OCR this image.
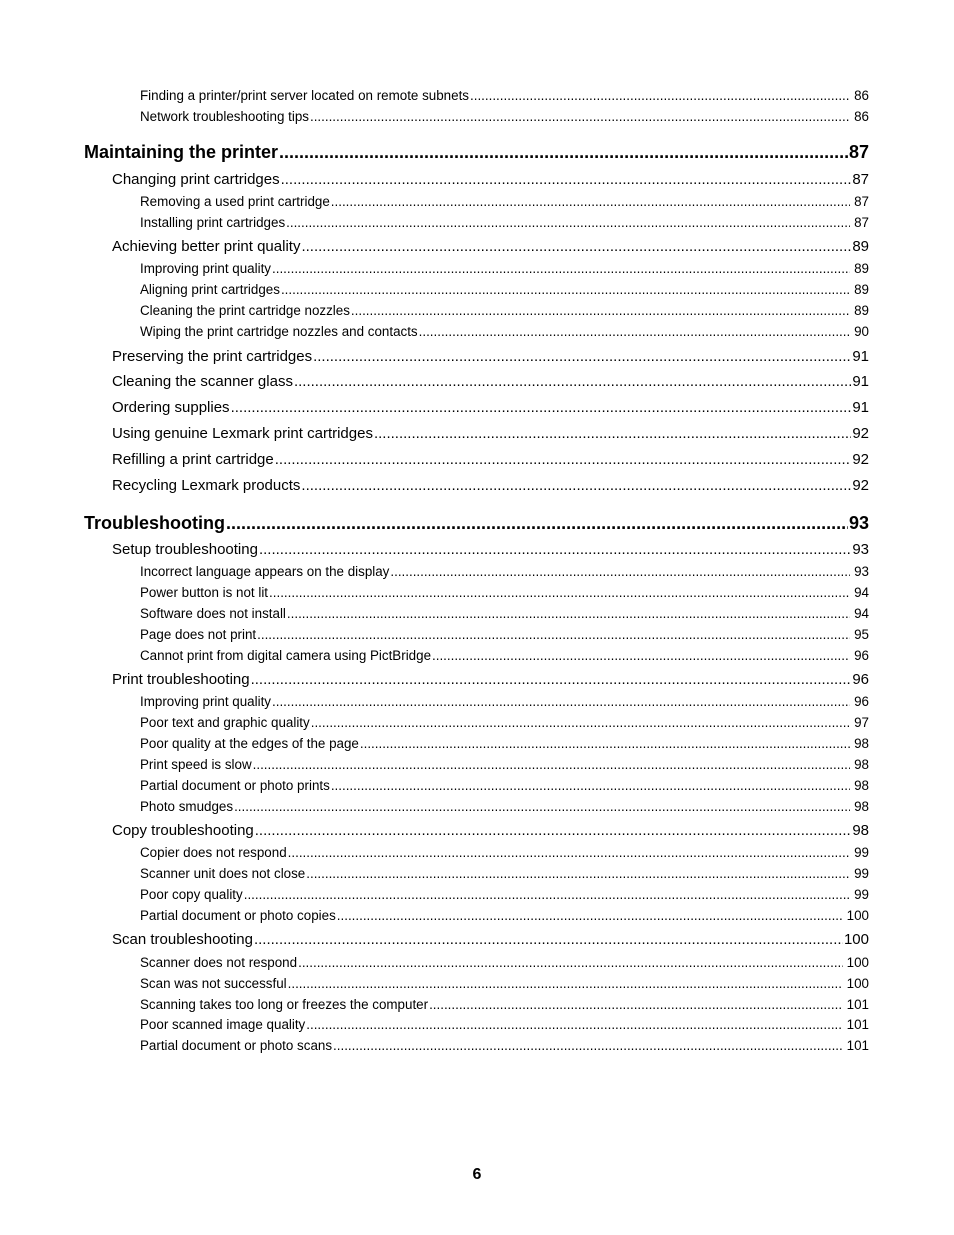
Finding a printer/print server located on remote subnets .....	86
Network troubleshooting tips .....	86
Maintaining the printer .....	87
Changing print cartridges .....	87
Removing a used print cartridge .....	87
Installing print cartridges .....	87
Achieving better print quality .....	89
Improving print quality .....	89
Aligning print cartridges .....	89
Cleaning the print cartridge nozzles .....	89
Wiping the print cartridge nozzles and contacts .....	90
Preserving the print cartridges .....	91
Cleaning the scanner glass .....	91
Ordering supplies .....	91
Using genuine Lexmark print cartridges .....	92
Refilling a print cartridge .....	92
Recycling Lexmark products .....	92
Troubleshooting .....	93
Setup troubleshooting .....	93
Incorrect language appears on the display .....	93
Power button is not lit .....	94
Software does not install .....	94
Page does not print .....	95
Cannot print from digital camera using PictBridge .....	96
Print troubleshooting .....	96
Improving print quality .....	96
Poor text and graphic quality .....	97
Poor quality at the edges of the page .....	98
Print speed is slow .....	98
Partial document or photo prints .....	98
Photo smudges .....	98
Copy troubleshooting .....	98
Copier does not respond .....	99
Scanner unit does not close .....	99
Poor copy quality .....	99
Partial document or photo copies .....	100
Scan troubleshooting .....	100
Scanner does not respond .....	100
Scan was not successful .....	100
Scanning takes too long or freezes the computer .....	101
Poor scanned image quality .....	101
Partial document or photo scans .....	101
6
